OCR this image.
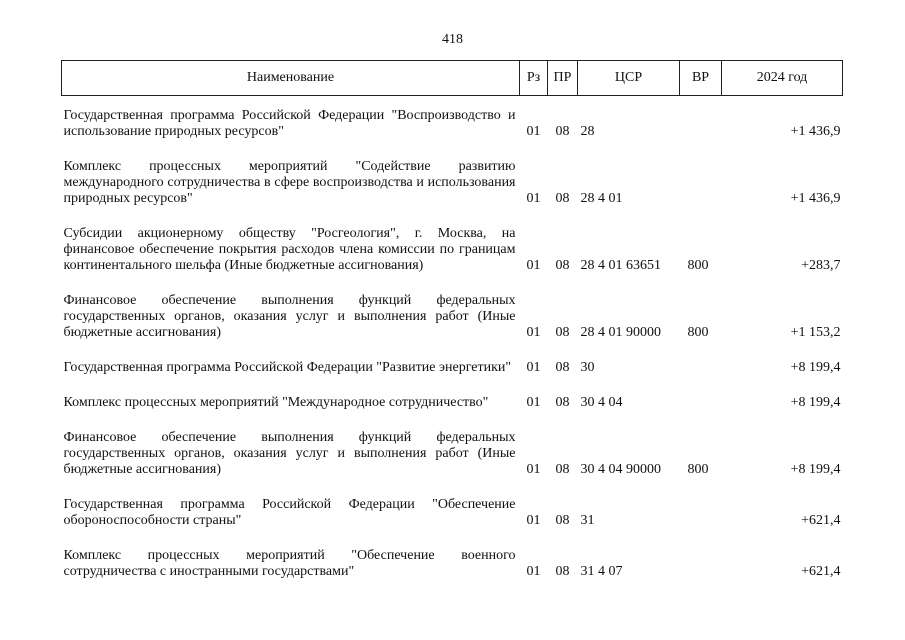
418
Наименование	Рз	ПР	ЦСР	ВР	2024 год
Государственная программа Российской Федерации "Воспроизводство и использование природных ресурсов"	01	08	28		+1 436,9
Комплекс процессных мероприятий "Содействие развитию международного сотрудничества в сфере воспроизводства и использования природных ресурсов"	01	08	28 4 01		+1 436,9
Субсидии акционерному обществу "Росгеология", г. Москва, на финансовое обеспечение покрытия расходов члена комиссии по границам континентального шельфа (Иные бюджетные ассигнования)	01	08	28 4 01 63651	800	+283,7
Финансовое обеспечение выполнения функций федеральных государственных органов, оказания услуг и выполнения работ (Иные бюджетные ассигнования)	01	08	28 4 01 90000	800	+1 153,2
Государственная программа Российской Федерации "Развитие энергетики"	01	08	30		+8 199,4
Комплекс процессных мероприятий "Международное сотрудничество"	01	08	30 4 04		+8 199,4
Финансовое обеспечение выполнения функций федеральных государственных органов, оказания услуг и выполнения работ (Иные бюджетные ассигнования)	01	08	30 4 04 90000	800	+8 199,4
Государственная программа Российской Федерации "Обеспечение обороноспособности страны"	01	08	31		+621,4
Комплекс процессных мероприятий "Обеспечение военного сотрудничества с иностранными государствами"	01	08	31 4 07		+621,4
